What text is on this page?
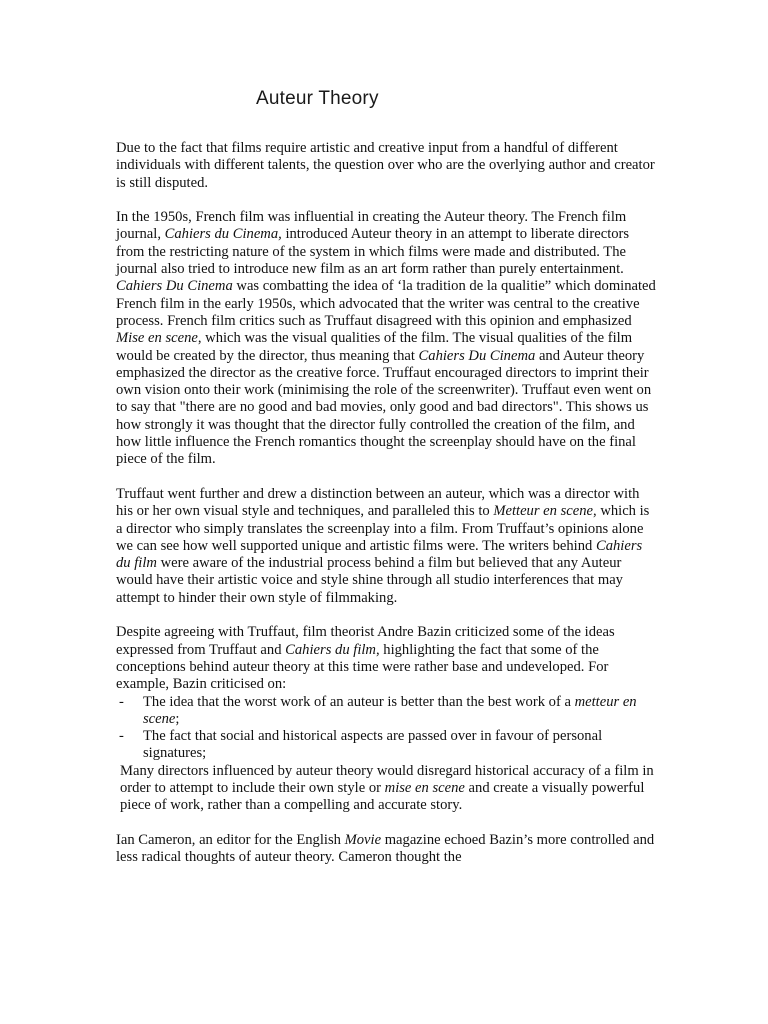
Auteur Theory

Due to the fact that films require artistic and creative input from a handful of different individuals with different talents, the question over who are the overlying author and creator is still disputed.

In the 1950s, French film was influential in creating the Auteur theory. The French film journal, Cahiers du Cinema, introduced Auteur theory in an attempt to liberate directors from the restricting nature of the system in which films were made and distributed. The journal also tried to introduce new film as an art form rather than purely entertainment. Cahiers Du Cinema was combatting the idea of ‘la tradition de la qualitie” which dominated French film in the early 1950s, which advocated that the writer was central to the creative process. French film critics such as Truffaut disagreed with this opinion and emphasized Mise en scene, which was the visual qualities of the film. The visual qualities of the film would be created by the director, thus meaning that Cahiers Du Cinema and Auteur theory emphasized the director as the creative force. Truffaut encouraged directors to imprint their own vision onto their work (minimising the role of the screenwriter). Truffaut even went on to say that "there are no good and bad movies, only good and bad directors". This shows us how strongly it was thought that the director fully controlled the creation of the film, and how little influence the French romantics thought the screenplay should have on the final piece of the film.

Truffaut went further and drew a distinction between an auteur, which was a director with his or her own visual style and techniques, and paralleled this to Metteur en scene, which is a director who simply translates the screenplay into a film. From Truffaut’s opinions alone we can see how well supported unique and artistic films were. The writers behind Cahiers du film were aware of the industrial process behind a film but believed that any Auteur would have their artistic voice and style shine through all studio interferences that may attempt to hinder their own style of filmmaking.

Despite agreeing with Truffaut, film theorist Andre Bazin criticized some of the ideas expressed from Truffaut and Cahiers du film, highlighting the fact that some of the conceptions behind auteur theory at this time were rather base and undeveloped. For example, Bazin criticised on:

- The idea that the worst work of an auteur is better than the best work of a metteur en scene;
- The fact that social and historical aspects are passed over in favour of personal signatures;

Many directors influenced by auteur theory would disregard historical accuracy of a film in order to attempt to include their own style or mise en scene and create a visually powerful piece of work, rather than a compelling and accurate story.

Ian Cameron, an editor for the English Movie magazine echoed Bazin’s more controlled and less radical thoughts of auteur theory. Cameron thought the
